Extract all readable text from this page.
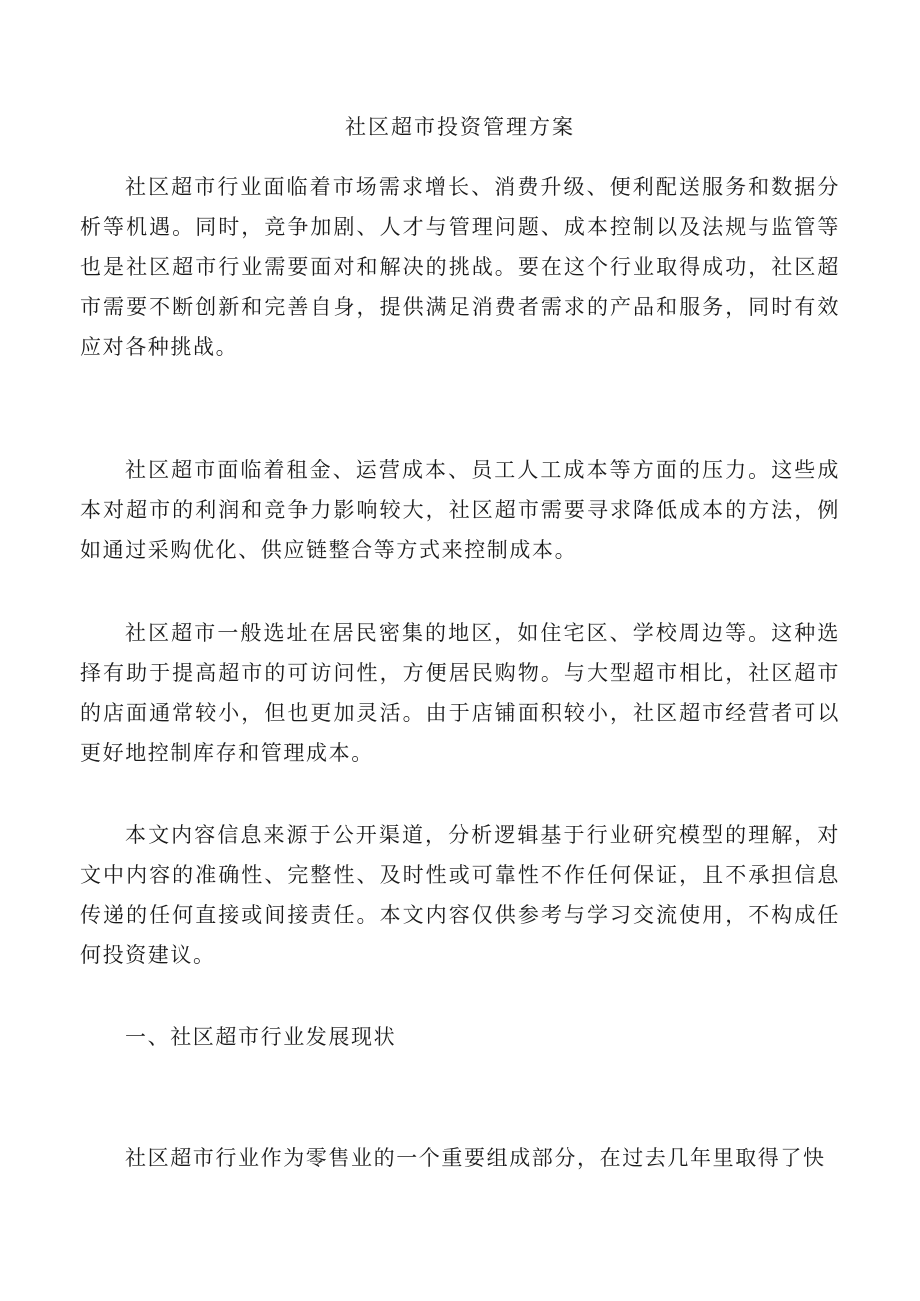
社区超市投资管理方案

社区超市行业面临着市场需求增长、消费升级、便利配送服务和数据分析等机遇。同时，竞争加剧、人才与管理问题、成本控制以及法规与监管等也是社区超市行业需要面对和解决的挑战。要在这个行业取得成功，社区超市需要不断创新和完善自身，提供满足消费者需求的产品和服务，同时有效应对各种挑战。

社区超市面临着租金、运营成本、员工人工成本等方面的压力。这些成本对超市的利润和竞争力影响较大，社区超市需要寻求降低成本的方法，例如通过采购优化、供应链整合等方式来控制成本。

社区超市一般选址在居民密集的地区，如住宅区、学校周边等。这种选择有助于提高超市的可访问性，方便居民购物。与大型超市相比，社区超市的店面通常较小，但也更加灵活。由于店铺面积较小，社区超市经营者可以更好地控制库存和管理成本。

本文内容信息来源于公开渠道，分析逻辑基于行业研究模型的理解，对文中内容的准确性、完整性、及时性或可靠性不作任何保证，且不承担信息传递的任何直接或间接责任。本文内容仅供参考与学习交流使用，不构成任何投资建议。

一、社区超市行业发展现状

社区超市行业作为零售业的一个重要组成部分，在过去几年里取得了快
